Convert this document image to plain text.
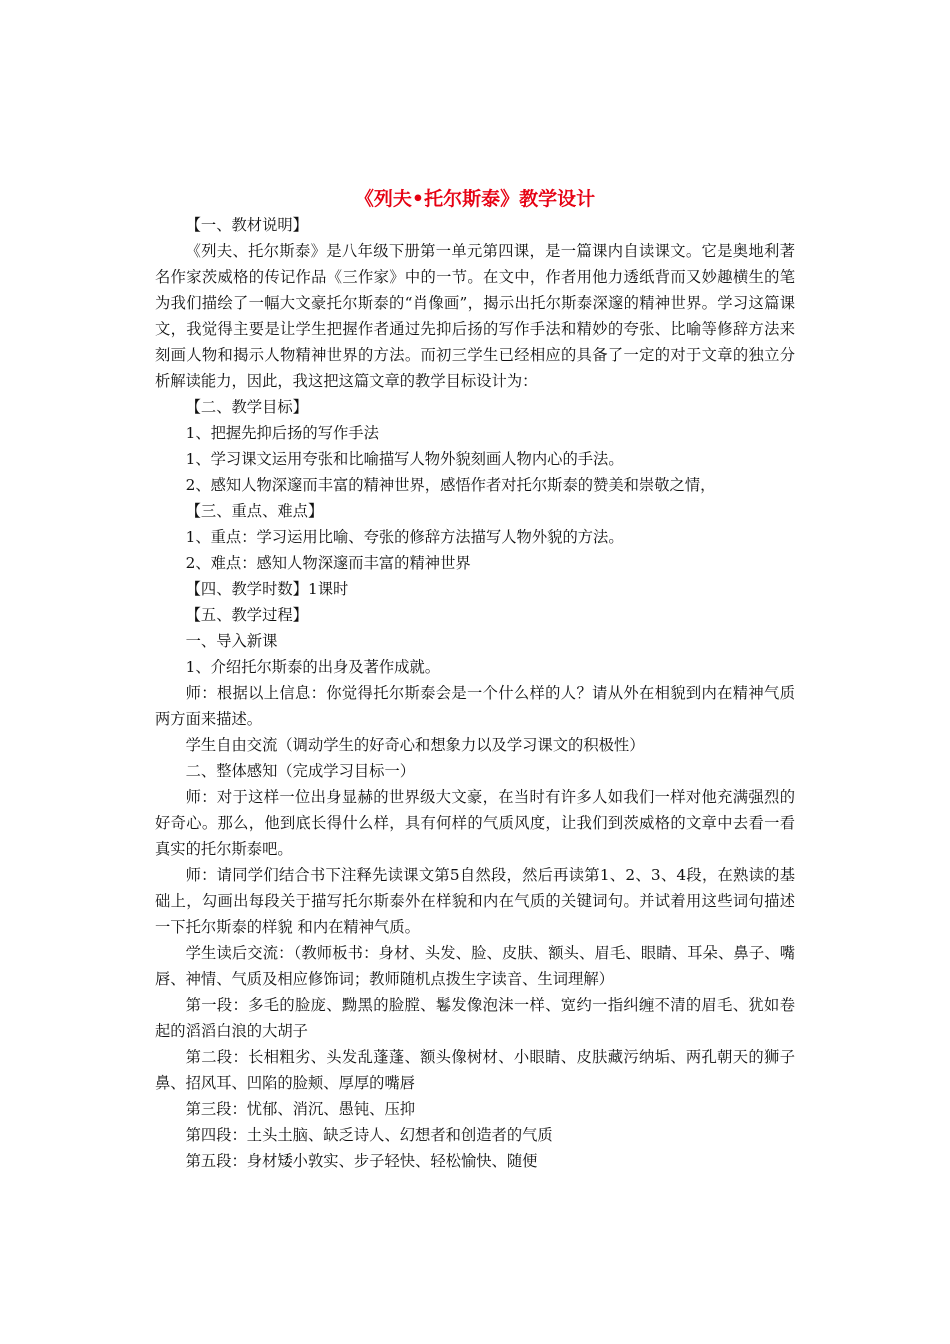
《列夫•托尔斯泰》教学设计

【一、教材说明】

《列夫、托尔斯泰》是八年级下册第一单元第四课，是一篇课内自读课文。它是奥地利著名作家茨威格的传记作品《三作家》中的一节。在文中，作者用他力透纸背而又妙趣横生的笔为我们描绘了一幅大文豪托尔斯泰的“肖像画”，揭示出托尔斯泰深邃的精神世界。学习这篇课文，我觉得主要是让学生把握作者通过先抑后扬的写作手法和精妙的夸张、比喻等修辞方法来刻画人物和揭示人物精神世界的方法。而初三学生已经相应的具备了一定的对于文章的独立分析解读能力，因此，我这把这篇文章的教学目标设计为：

【二、教学目标】

1、把握先抑后扬的写作手法

1、学习课文运用夸张和比喻描写人物外貌刻画人物内心的手法。

2、感知人物深邃而丰富的精神世界，感悟作者对托尔斯泰的赞美和崇敬之情，

【三、重点、难点】

1、重点：学习运用比喻、夸张的修辞方法描写人物外貌的方法。

2、难点：感知人物深邃而丰富的精神世界

【四、教学时数】1课时

【五、教学过程】

一、导入新课

1、介绍托尔斯泰的出身及著作成就。

师：根据以上信息：你觉得托尔斯泰会是一个什么样的人？请从外在相貌到内在精神气质两方面来描述。

学生自由交流（调动学生的好奇心和想象力以及学习课文的积极性）

二、整体感知（完成学习目标一）

师：对于这样一位出身显赫的世界级大文豪，在当时有许多人如我们一样对他充满强烈的好奇心。那么，他到底长得什么样，具有何样的气质风度，让我们到茨威格的文章中去看一看真实的托尔斯泰吧。

师：请同学们结合书下注释先读课文第5自然段，然后再读第1、2、3、4段，在熟读的基础上，勾画出每段关于描写托尔斯泰外在样貌和内在气质的关键词句。并试着用这些词句描述一下托尔斯泰的样貌 和内在精神气质。

学生读后交流：（教师板书：身材、头发、脸、皮肤、额头、眉毛、眼睛、耳朵、鼻子、嘴唇、神情、气质及相应修饰词；教师随机点拨生字读音、生词理解）

第一段：多毛的脸庞、黝黑的脸膛、鬈发像泡沫一样、宽约一指纠缠不清的眉毛、犹如卷起的滔滔白浪的大胡子

第二段：长相粗劣、头发乱蓬蓬、额头像树材、小眼睛、皮肤藏污纳垢、两孔朝天的狮子鼻、招风耳、凹陷的脸颊、厚厚的嘴唇

第三段：忧郁、消沉、愚钝、压抑

第四段：土头土脑、缺乏诗人、幻想者和创造者的气质

第五段：身材矮小敦实、步子轻快、轻松愉快、随便
